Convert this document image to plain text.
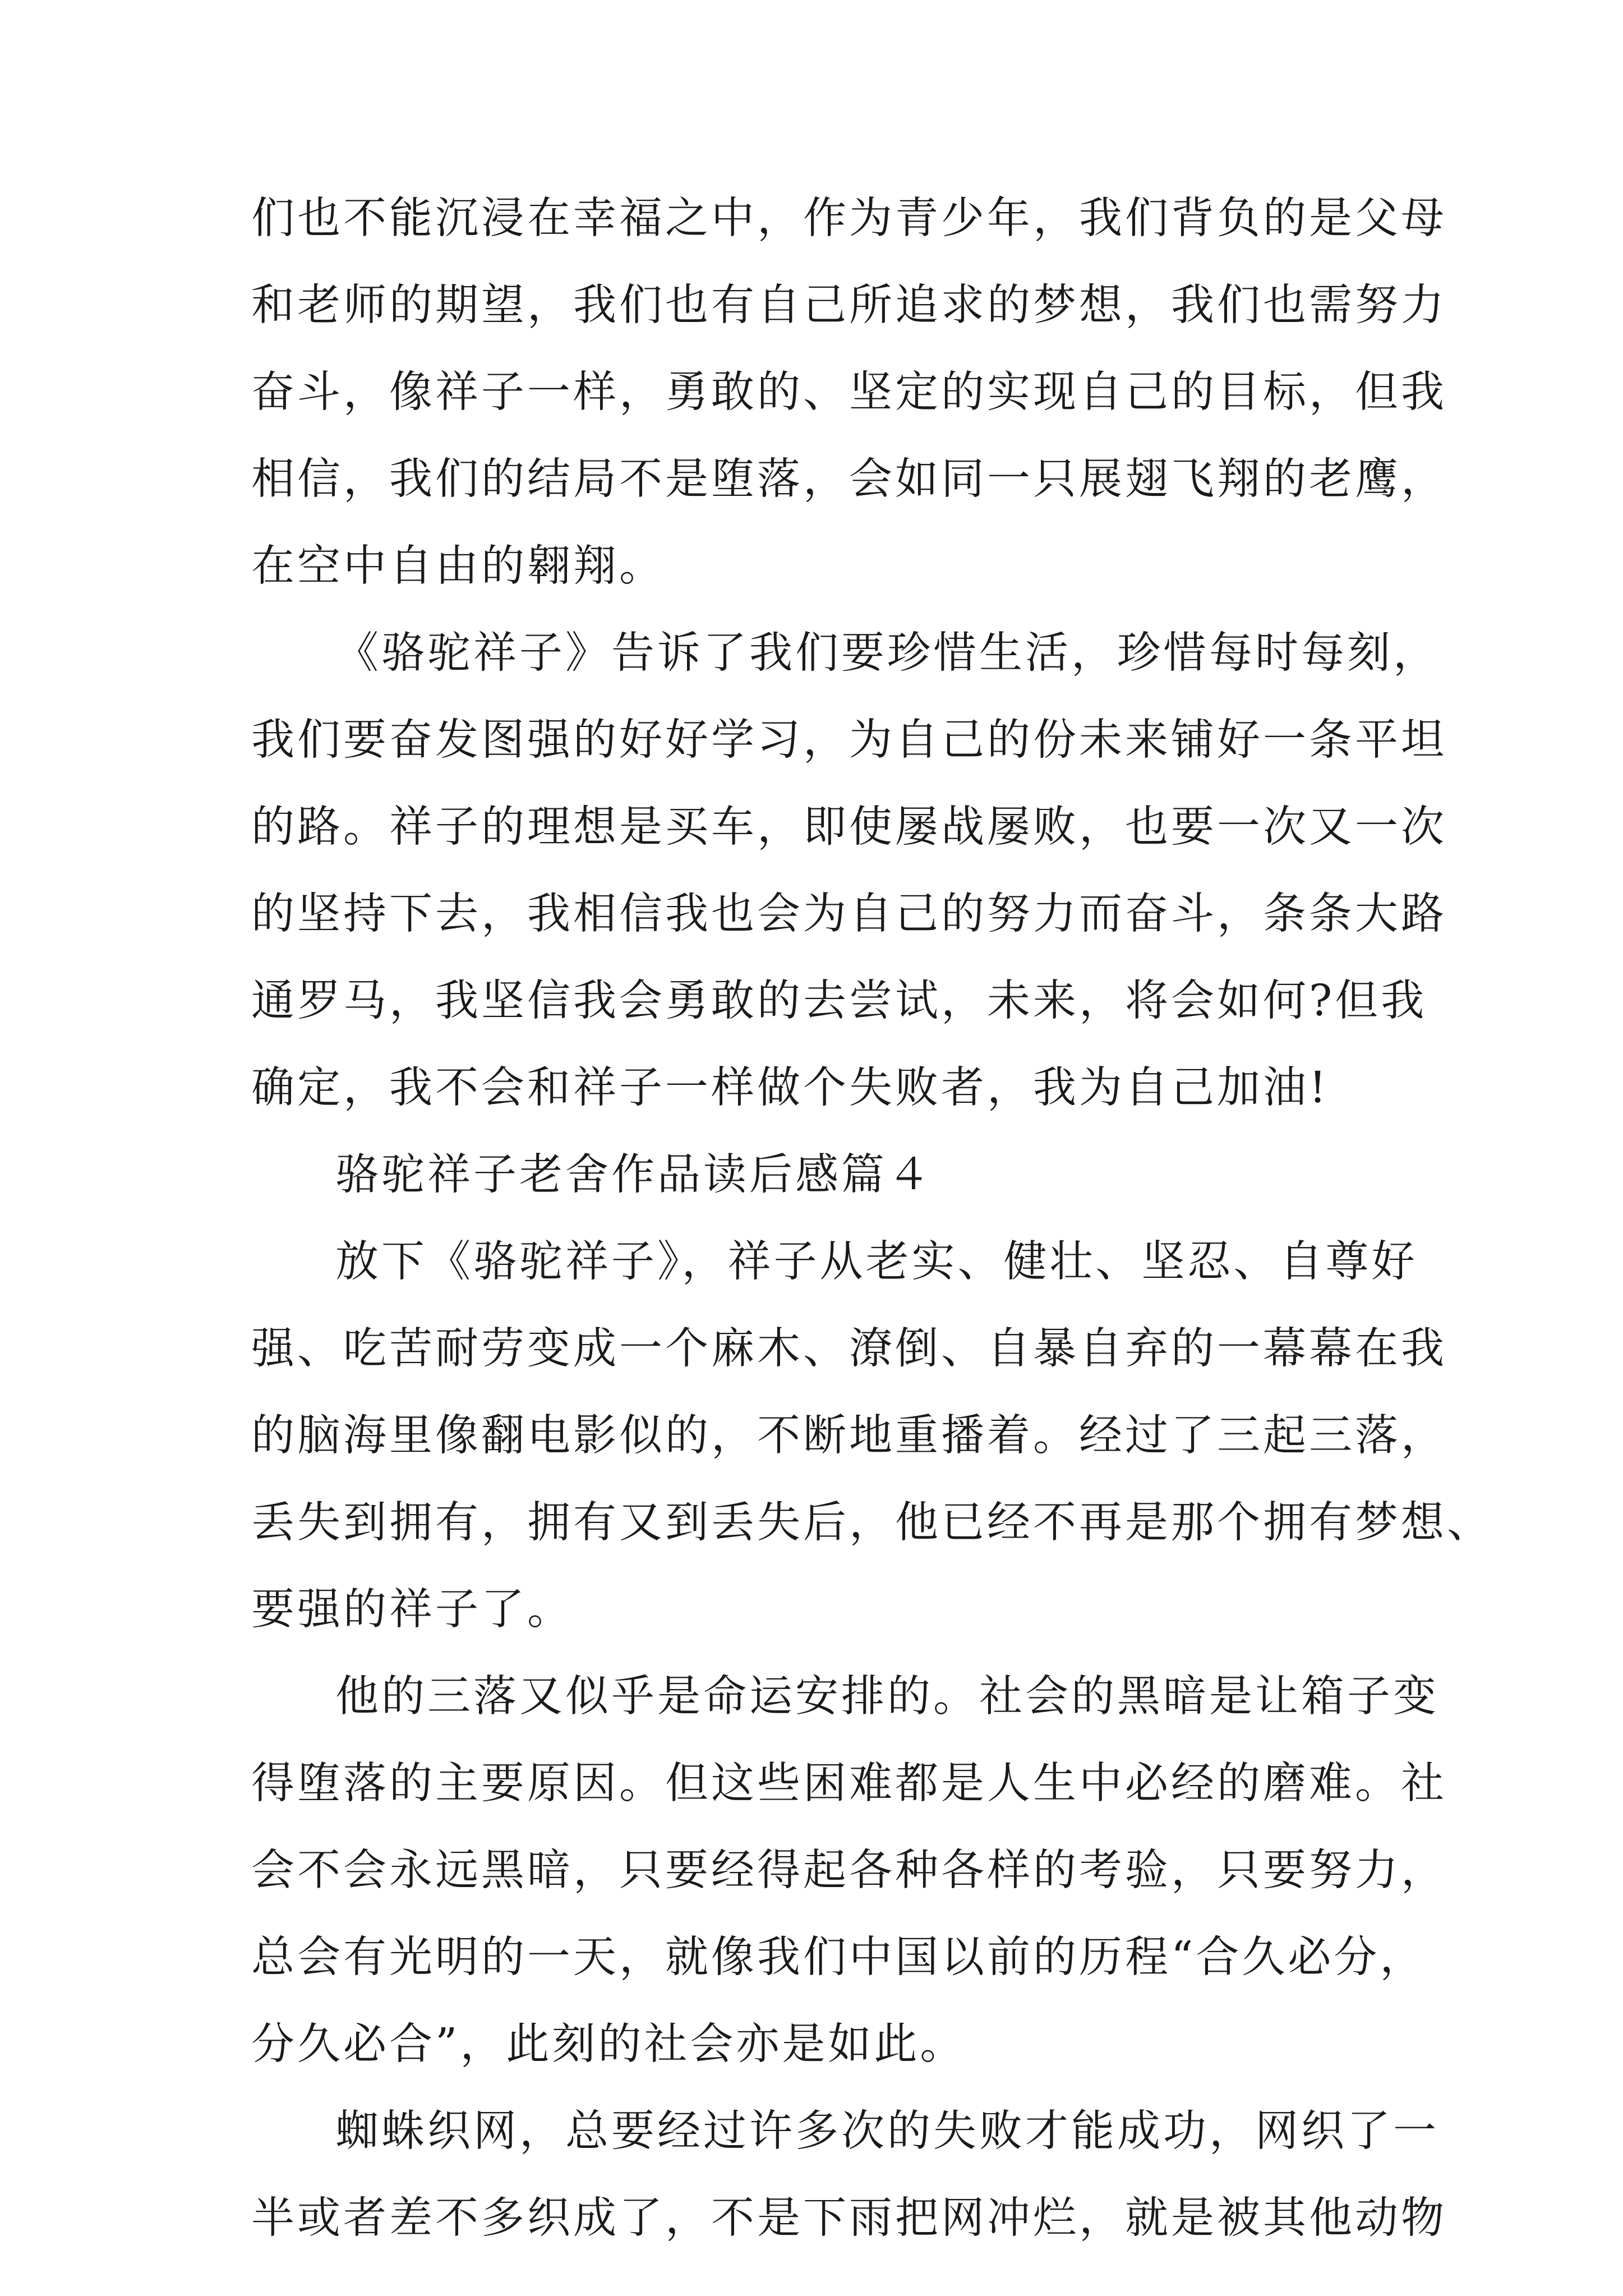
们也不能沉浸在幸福之中，作为青少年，我们背负的是父母
和老师的期望，我们也有自己所追求的梦想，我们也需努力
奋斗，像祥子一样，勇敢的、坚定的实现自己的目标，但我
相信，我们的结局不是堕落，会如同一只展翅飞翔的老鹰，
在空中自由的翱翔。
《骆驼祥子》告诉了我们要珍惜生活，珍惜每时每刻，
我们要奋发图强的好好学习，为自己的份未来铺好一条平坦
的路。祥子的理想是买车，即使屡战屡败，也要一次又一次
的坚持下去，我相信我也会为自己的努力而奋斗，条条大路
通罗马，我坚信我会勇敢的去尝试，未来，将会如何?但我
确定，我不会和祥子一样做个失败者，我为自己加油!
骆驼祥子老舍作品读后感篇４
放下《骆驼祥子》，祥子从老实、健壮、坚忍、自尊好
强、吃苦耐劳变成一个麻木、潦倒、自暴自弃的一幕幕在我
的脑海里像翻电影似的，不断地重播着。经过了三起三落，
丢失到拥有，拥有又到丢失后，他已经不再是那个拥有梦想、
要强的祥子了。
他的三落又似乎是命运安排的。社会的黑暗是让箱子变
得堕落的主要原因。但这些困难都是人生中必经的磨难。社
会不会永远黑暗，只要经得起各种各样的考验，只要努力，
总会有光明的一天，就像我们中国以前的历程“合久必分，
分久必合”，此刻的社会亦是如此。
蜘蛛织网，总要经过许多次的失败才能成功，网织了一
半或者差不多织成了，不是下雨把网冲烂，就是被其他动物
